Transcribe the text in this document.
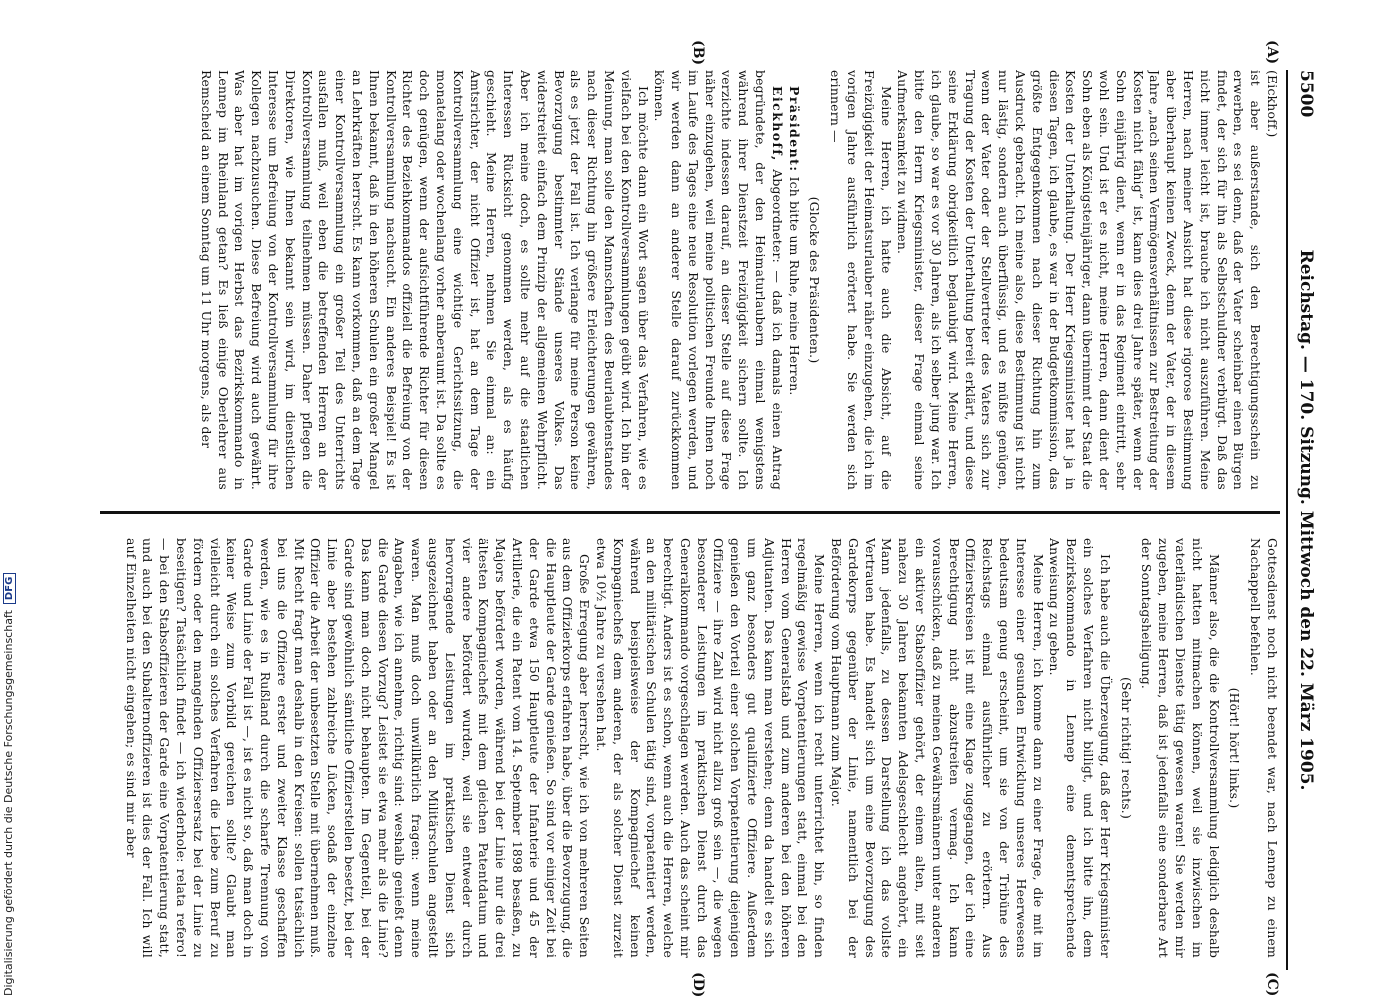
5500
Reichstag. — 170. Sitzung. Mittwoch den 22. März 1905.

(Eickhoff.)

ist aber außerstande, sich den Berechtigungsschein zu erwerben, es sei denn, daß der Vater scheinbar einen Bürgen findet, der sich für ihn als Selbstschuldner verbürgt. Daß das nicht immer leicht ist, brauche ich nicht auszuführen. Meine Herren, nach meiner Ansicht hat diese rigorose Bestimmung aber überhaupt keinen Zweck, denn der Vater, der in diesem Jahre „nach seinen Vermögensverhältnissen zur Bestreitung der Kosten nicht fähig“ ist, kann dies drei Jahre später, wenn der Sohn einjährig dient, wenn er in das Regiment eintritt, sehr wohl sein. Und ist er es nicht, meine Herren, dann dient der Sohn eben als Königsteinjähriger, dann übernimmt der Staat die Kosten der Unterhaltung. Der Herr Kriegsminister hat ja in diesen Tagen, ich glaube, es war in der Budgetkommission, das größte Entgegenkommen nach dieser Richtung hin zum Ausdruck gebracht. Ich meine also, diese Bestimmung ist nicht nur lästig, sondern auch überflüssig, und es müßte genügen, wenn der Vater oder der Stellvertreter des Vaters sich zur Tragung der Kosten der Unterhaltung bereit erklärt, und diese seine Erklärung obrigkeitlich beglaubigt wird. Meine Herren, ich glaube, so war es vor 30 Jahren, als ich selber jung war. Ich bitte den Herrn Kriegsminister, dieser Frage einmal seine Aufmerksamkeit zu widmen.

Meine Herren, ich hatte auch die Absicht, auf die Freizügigkeit der Heimatsurlauber näher einzugehen, die ich im vorigen Jahre ausführlich erörtert habe. Sie werden sich erinnern —

(Glocke des Präsidenten.)

Präsident: Ich bitte um Ruhe, meine Herren.

Eickhoff, Abgeordneter: — daß ich damals einen Antrag begründete, der den Heimaturlaubern einmal wenigstens während ihrer Dienstzeit Freizügigkeit sichern sollte. Ich verzichte indessen darauf, an dieser Stelle auf diese Frage näher einzugehen, weil meine politischen Freunde Ihnen noch im Laufe des Tages eine neue Resolution vorlegen werden, und wir werden dann an anderer Stelle darauf zurückkommen können.

Ich möchte dann ein Wort sagen über das Verfahren, wie es vielfach bei den Kontrollversammlungen geübt wird. Ich bin der Meinung, man solle den Mannschaften des Beurlaubtenstandes nach dieser Richtung hin größere Erleichterungen gewähren, als es jetzt der Fall ist. Ich verlange für meine Person keine Bevorzugung bestimmter Stände unseres Volkes. Das widerstreitet einfach dem Prinzip der allgemeinen Wehrpflicht. Aber ich meine doch, es sollte mehr auf die staatlichen Interessen Rücksicht genommen werden, als es häufig geschieht. Meine Herren, nehmen Sie einmal an: ein Amtsrichter, der nicht Offizier ist, hat an dem Tage der Kontrollversammlung eine wichtige Gerichtssitzung, die monatelang oder wochenlang vorher anberaumt ist. Da sollte es doch genügen, wenn der aufsichtführende Richter für diesen Richter des Beziehkommandos offiziell die Befreiung von der Kontrollversammlung nachsucht. Ein anderes Beispiel! Es ist Ihnen bekannt, daß in den höheren Schulen ein großer Mangel an Lehrkräften herrscht. Es kann vorkommen, daß an dem Tage einer Kontrollversammlung ein großer Teil des Unterrichts ausfallen muß, weil eben die betreffenden Herren an der Kontrollversammlung teilnehmen müssen. Daher pflegen die Direktoren, wie Ihnen bekannt sein wird, im dienstlichen Interesse um Befreiung von der Kontrollversammlung für ihre Kollegen nachzusuchen. Diese Befreiung wird auch gewährt. Was aber hat im vorigen Herbst das Bezirkskommando in Lennep im Rheinland getan? Es ließ einige Oberlehrer aus Remscheid an einem Sonntag um 11 Uhr morgens, als der

Gottesdienst noch nicht beendet war, nach Lennep zu einem Nachappell befehlen.

(Hört! hört! links.)

Männer also, die die Kontrollversammlung lediglich deshalb nicht hatten mitmachen können, weil sie inzwischen im vaterländischen Dienste tätig gewesen waren! Sie werden mir zugeben, meine Herren, daß ist jedenfalls eine sonderbare Art der Sonntagsheiligung.

(Sehr richtig! rechts.)

Ich habe auch die Überzeugung, daß der Herr Kriegsminister ein solches Verfahren nicht billigt, und ich bitte ihn, dem Bezirkskommando in Lennep eine dementsprechende Anweisung zu geben.

Meine Herren, ich komme dann zu einer Frage, die mit im Interesse einer gesunden Entwicklung unseres Heerwesens bedeutsam genug erscheint, um sie von der Tribüne des Reichstags einmal ausführlicher zu erörtern. Aus Offizierskreisen ist mit eine Klage zugegangen, der ich eine Berechtigung nicht abzustreiten vermag. Ich kann vorausschicken, daß zu meinen Gewährsmännern unter anderen ein aktiver Stabsoffizier gehört, der einem alten, mit seit nahezu 30 Jahren bekannten Adelsgeschlecht angehört, ein Mann jedenfalls, zu dessen Darstellung ich das vollste Vertrauen habe. Es handelt sich um eine Bevorzugung des Gardekorps gegenüber der Linie, namentlich bei der Beförderung vom Hauptmann zum Major.

Meine Herren, wenn ich recht unterrichtet bin, so finden regelmäßig gewisse Vorpatentierungen statt, einmal bei den Herren vom Generalstab und zum anderen bei den höheren Adjutanten. Das kann man verstehen; denn da handelt es sich um ganz besonders gut qualifizierte Offiziere. Außerdem genießen den Vorteil einer solchen Vorpatentierung diejenigen Offiziere — ihre Zahl wird nicht allzu groß sein —, die wegen besonderer Leistungen im praktischen Dienst durch das Generalkommando vorgeschlagen werden. Auch das scheint mir berechtigt. Anders ist es schon, wenn auch die Herren, welche an den militärischen Schulen tätig sind, vorpatentiert werden, während beispielsweise der Kompagniechef keinen Kompagniechefs dem anderen, der als solcher Dienst zurzeit etwa 10½ Jahre zu versehen hat.

Große Erregung aber herrscht, wie ich von mehreren Seiten aus dem Offizierkorps erfahren habe, über die Bevorzugung, die die Hauptleute der Garde genießen. So sind vor einiger Zeit bei der Garde etwa 150 Hauptleute der Infanterie und 45 der Artillerie, die ein Patent vom 14. September 1898 besaßen, zu Majors befördert worden, während bei der Linie nur die drei ältesten Kompagniechefs mit dem gleichen Patentdatum und vier andere befördert wurden, weil sie entweder durch hervorragende Leistungen im praktischen Dienst sich ausgezeichnet haben oder an den Militärschulen angestellt waren. Man muß doch unwillkürlich fragen: wenn meine Angaben, wie ich annehme, richtig sind: weshalb genießt denn die Garde diesen Vorzug? Leistet sie etwa mehr als die Linie? Das kann man doch nicht behaupten. Im Gegenteil, bei der Garde sind gewöhnlich sämtliche Offizierstellen besetzt, bei der Linie aber bestehen zahlreiche Lücken, sodaß der einzelne Offizier die Arbeit der unbesetzten Stelle mit übernehmen muß. Mit Recht fragt man deshalb in den Kreisen: sollen tatsächlich bei uns die Offiziere erster und zweiter Klasse geschaffen werden, wie es in Rußland durch die scharfe Trennung von Garde und Linie der Fall ist —, ist es nicht so, daß man doch in keiner Weise zum Vorbild gereichen sollte? Glaubt man vielleicht durch ein solches Verfahren die Liebe zum Beruf zu fördern oder den mangelnden Offiziersersatz bei der Linie zu beseitigen? Tatsächlich findet — ich wiederhole: relata refero! — bei den Stabsoffizieren der Garde eine Vorpatentierung statt, und auch bei den Subalternoffizieren ist dies der Fall. Ich will auf Einzelheiten nicht eingehen; es sind mir aber

(A)
(B)
(C)
(D)
Digitalisierung gefördert durch die Deutsche ForschungsgemeinschaftDFG
